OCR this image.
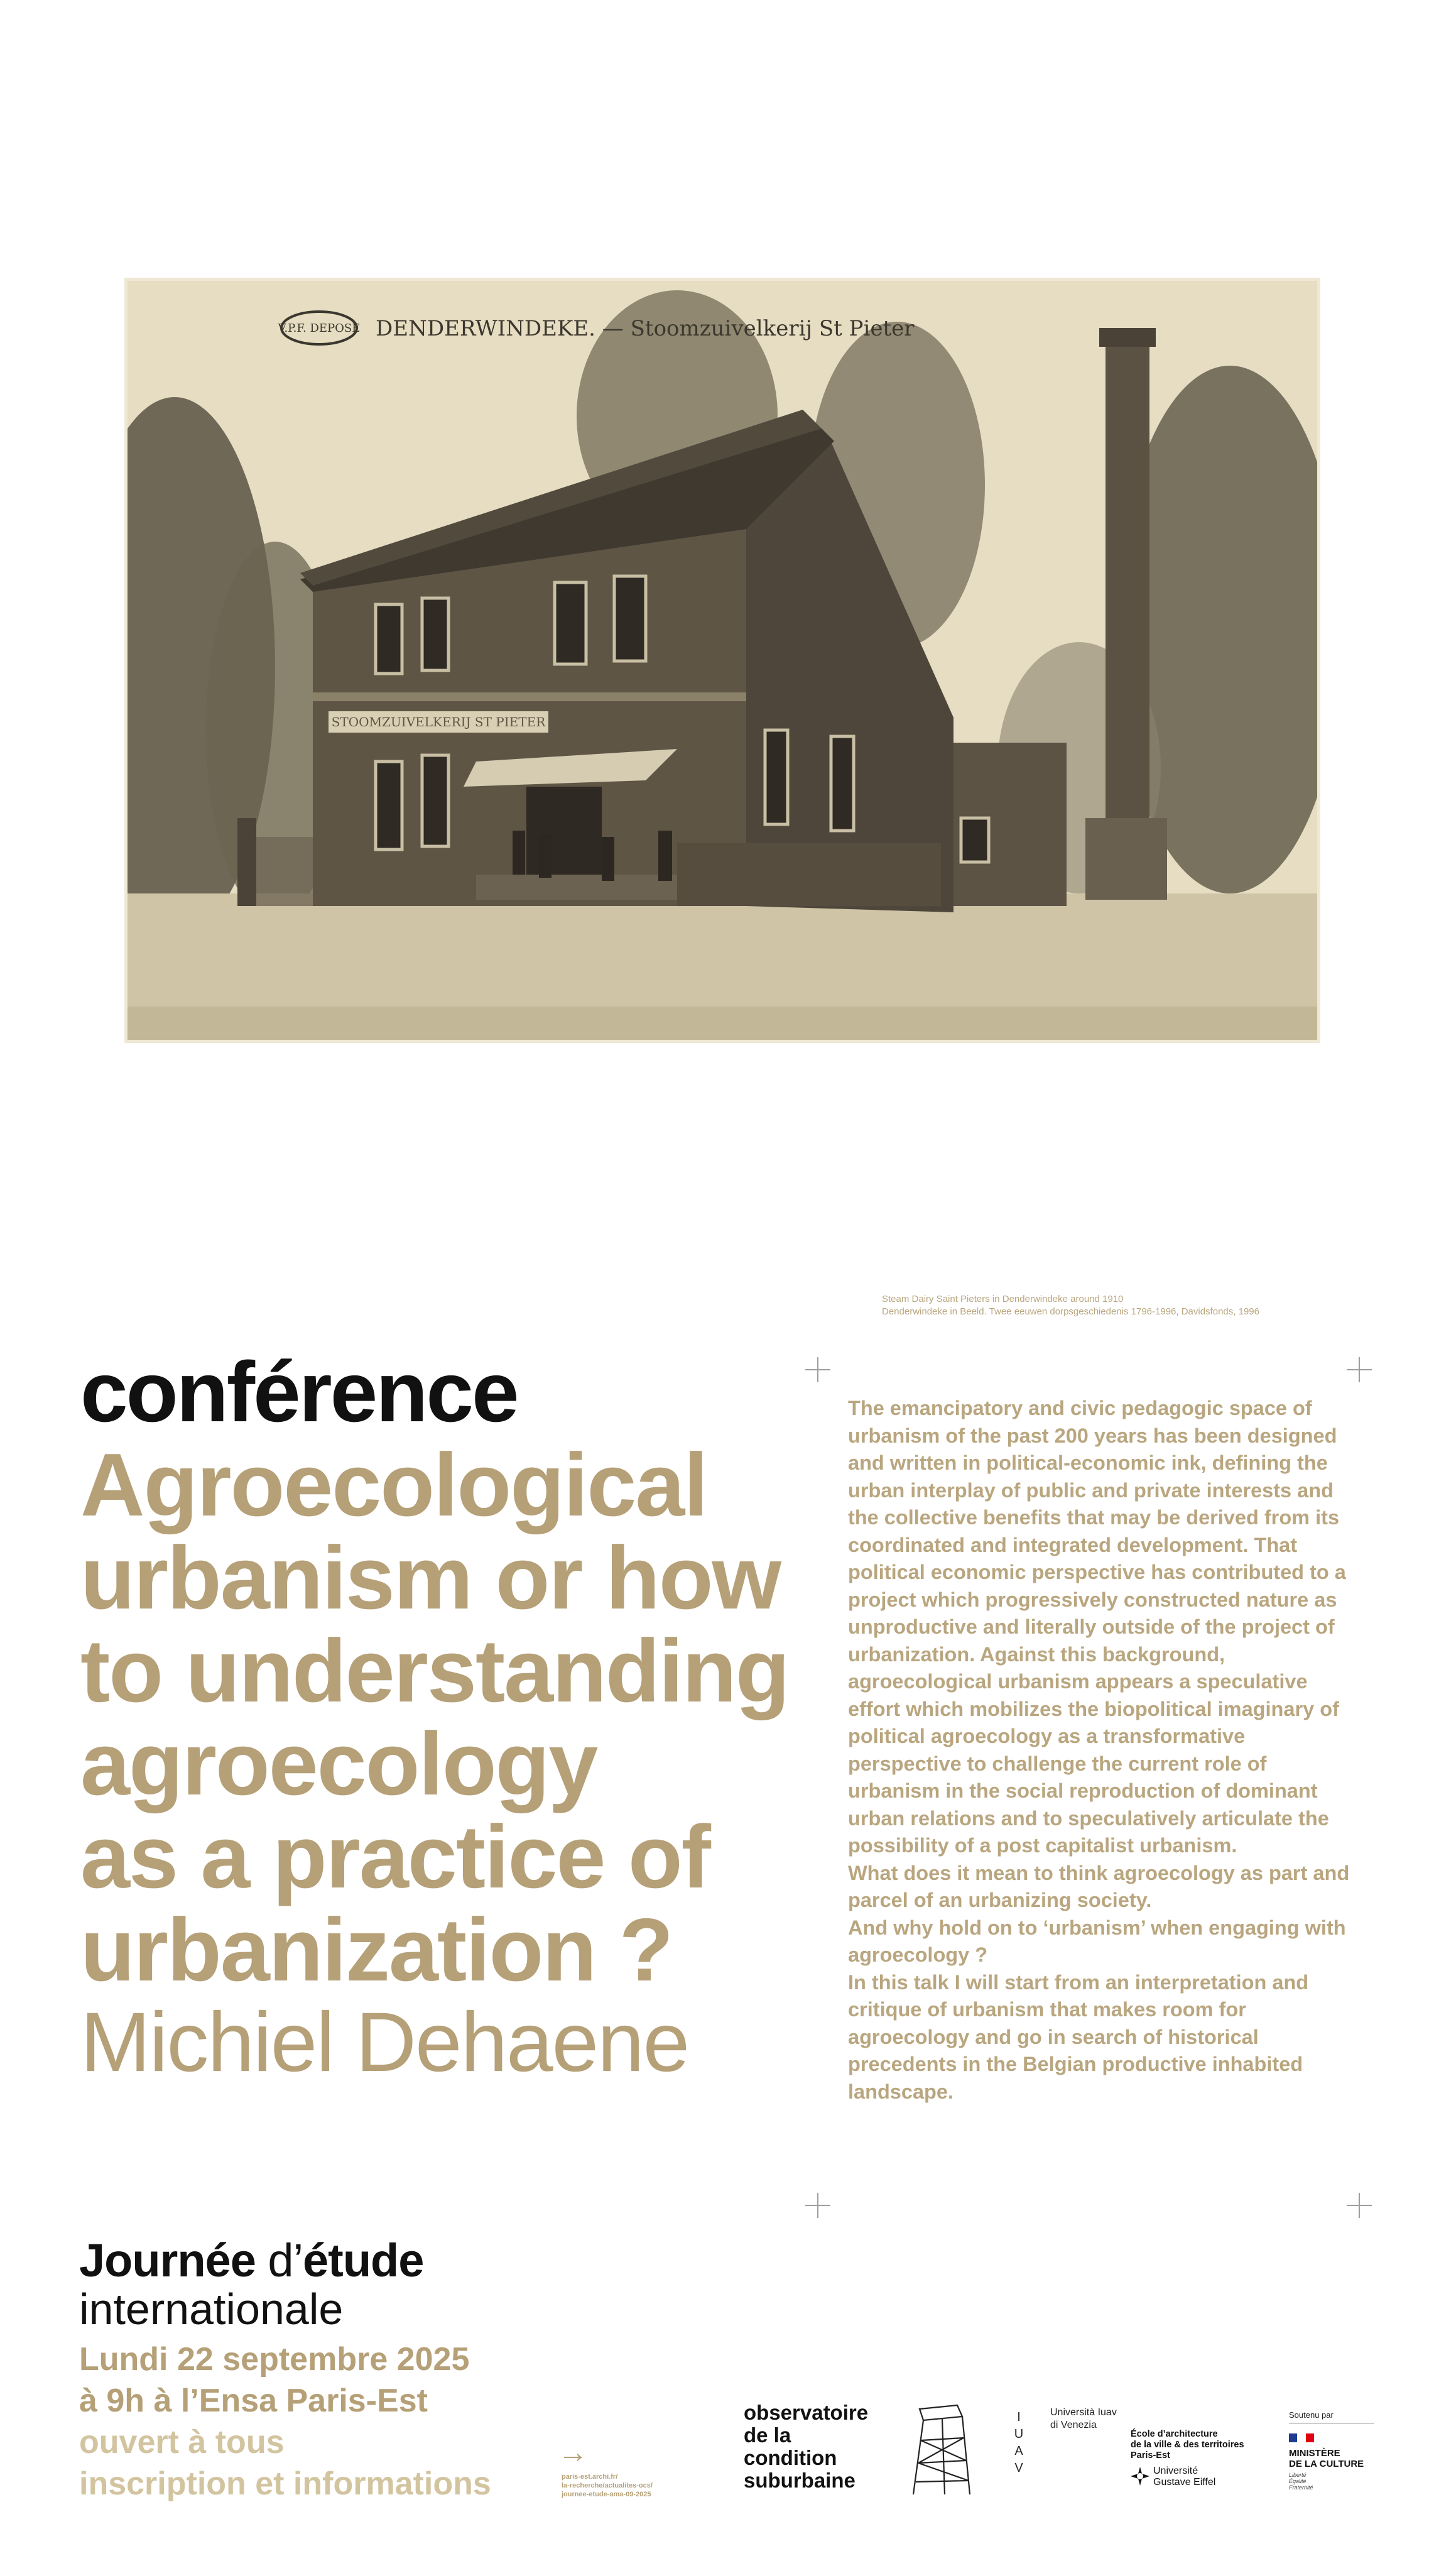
STOOMZUIVELKERIJ ST PIETER
V.P.F. DEPOSE DENDERWINDEKE. — Stoomzuivelkerij St Pieter
Steam Dairy Saint Pieters in Denderwindeke around 1910
Denderwindeke in Beeld. Twee eeuwen dorpsgeschiedenis 1796-1996, Davidsfonds, 1996
conférence
Agroecological
urbanism or how
to understanding
agroecology
as a practice of
urbanization ?
Michiel Dehaene

The emancipatory and civic pedagogic space of urbanism of the past 200 years has been designed and written in political-economic ink, defining the urban interplay of public and private interests and the collective benefits that may be derived from its coordinated and integrated development. That political economic perspective has contributed to a project which progressively constructed nature as unproductive and literally outside of the project of urbanization. Against this background, agroecological urbanism appears a speculative effort which mobilizes the biopolitical imaginary of political agroecology as a transformative perspective to challenge the current role of urbanism in the social reproduction of dominant urban relations and to speculatively articulate the possibility of a post capitalist urbanism.

What does it mean to think agroecology as part and parcel of an urbanizing society.

And why hold on to ‘urbanism’ when engaging with agroecology ?

In this talk I will start from an interpretation and critique of urbanism that makes room for agroecology and go in search of historical precedents in the Belgian productive inhabited landscape.

Journée d’étude
internationale
Lundi 22 septembre 2025
à 9h à l’Ensa Paris-Est
ouvert à tous
inscription et informations
→
paris-est.archi.fr/
la-recherche/actualites-ocs/
journee-etude-ama-09-2025
observatoire
de la
condition
suburbaine
I
U
A
V
Università Iuav
di Venezia
École d’architecture
de la ville & des territoires
Paris-Est
Université
Gustave Eiffel
Soutenu par
MINISTÈRE
DE LA CULTURE
Liberté
Égalité
Fraternité
